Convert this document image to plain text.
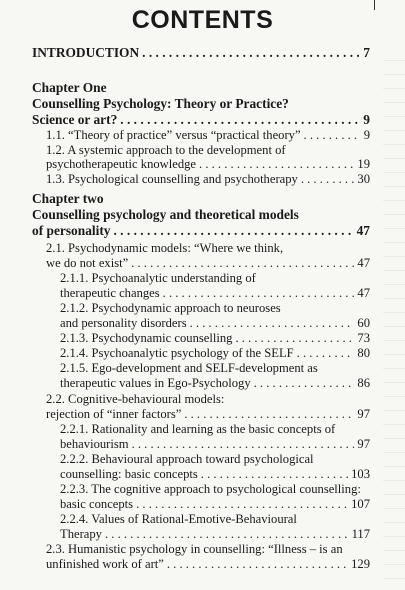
CONTENTS
INTRODUCTION . . .	7
Chapter One
Counselling Psychology: Theory or Practice?
Science or art? . . .	9
1.1. “Theory of practice” versus “practical theory” . . .	9
1.2. A systemic approach to the development of
psychotherapeutic knowledge . . .	19
1.3. Psychological counselling and psychotherapy . . .	30
Chapter two
Counselling psychology and theoretical models
of personality . . .	47
2.1. Psychodynamic models: “Where we think,
we do not exist” . . .	47
2.1.1. Psychoanalytic understanding of
therapeutic changes . . .	47
2.1.2. Psychodynamic approach to neuroses
and personality disorders . . .	60
2.1.3. Psychodynamic counselling . . .	73
2.1.4. Psychoanalytic psychology of the SELF . . .	80
2.1.5. Ego-development and SELF-development as
therapeutic values in Ego-Psychology . . .	86
2.2. Cognitive-behavioural models:
rejection of “inner factors” . . .	97
2.2.1. Rationality and learning as the basic concepts of
behaviourism . . .	97
2.2.2. Behavioural approach toward psychological
counselling: basic concepts . . .	103
2.2.3. The cognitive approach to psychological counselling:
basic concepts . . .	107
2.2.4. Values of Rational-Emotive-Behavioural
Therapy . . .	117
2.3. Humanistic psychology in counselling: “Illness – is an
unfinished work of art” . . .	129
